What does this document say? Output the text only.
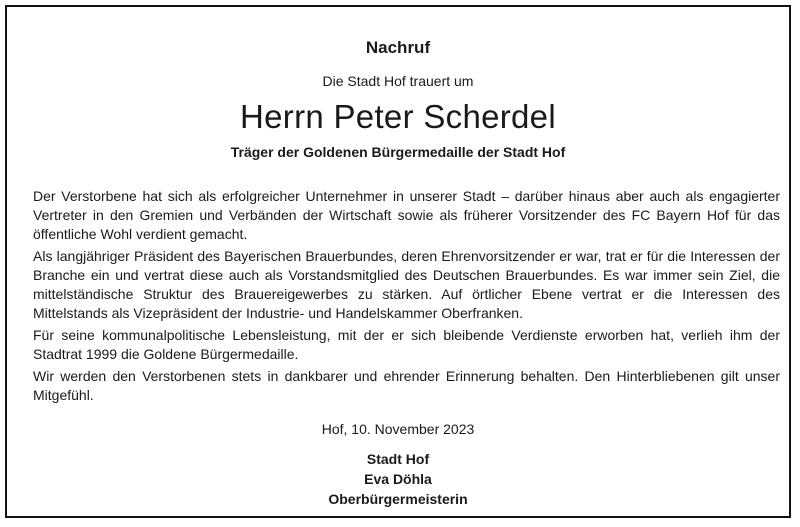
Nachruf
Die Stadt Hof trauert um
Herrn Peter Scherdel
Träger der Goldenen Bürgermedaille der Stadt Hof

Der Verstorbene hat sich als erfolgreicher Unternehmer in unserer Stadt – darüber hinaus aber auch als engagierter Vertreter in den Gremien und Verbänden der Wirtschaft sowie als früherer Vorsitzender des FC Bayern Hof für das öffentliche Wohl verdient gemacht.

Als langjähriger Präsident des Bayerischen Brauerbundes, deren Ehrenvorsitzender er war, trat er für die Interessen der Branche ein und vertrat diese auch als Vorstandsmitglied des Deutschen Brauerbundes. Es war immer sein Ziel, die mittelständische Struktur des Brauereigewerbes zu stärken. Auf örtlicher Ebene vertrat er die Interessen des Mittelstands als Vizepräsident der Industrie- und Handelskammer Oberfranken.

Für seine kommunalpolitische Lebensleistung, mit der er sich bleibende Verdienste erworben hat, verlieh ihm der Stadtrat 1999 die Goldene Bürgermedaille.

Wir werden den Verstorbenen stets in dankbarer und ehrender Erinnerung behalten. Den Hinterbliebenen gilt unser Mitgefühl.

Hof, 10. November 2023
Stadt Hof
Eva Döhla
Oberbürgermeisterin
